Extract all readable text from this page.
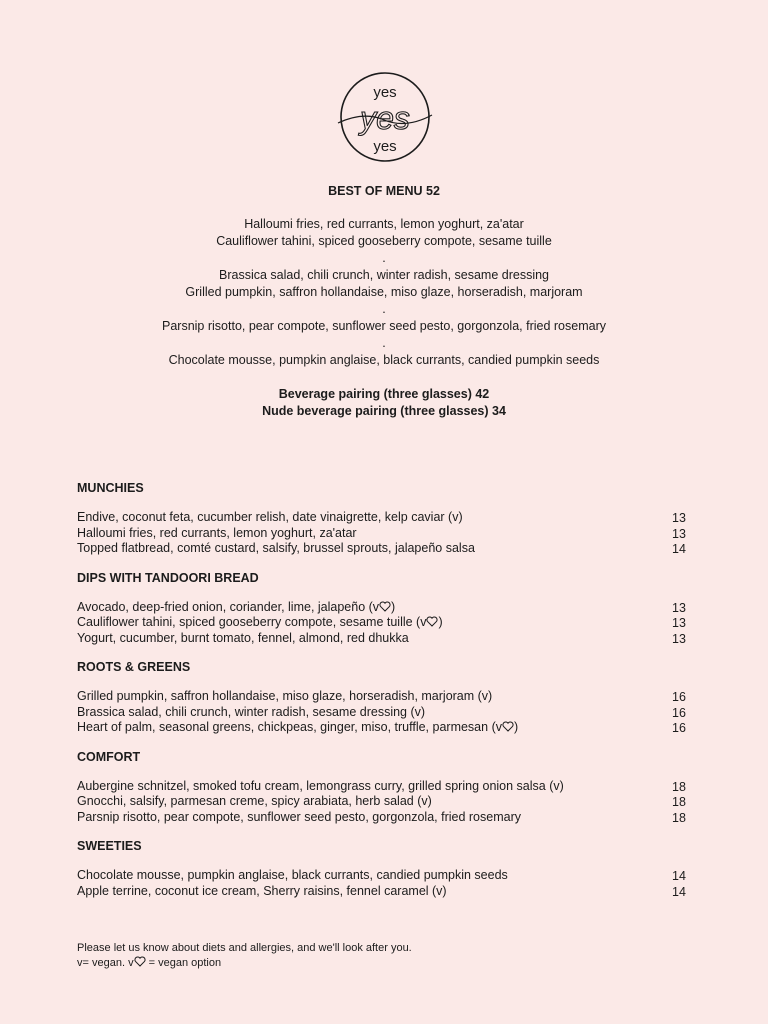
yes
yes
yes
BEST OF MENU 52
Halloumi fries, red currants, lemon yoghurt, za'atar
Cauliflower tahini, spiced gooseberry compote, sesame tuille
.
Brassica salad, chili crunch, winter radish, sesame dressing
Grilled pumpkin, saffron hollandaise, miso glaze, horseradish, marjoram
.
Parsnip risotto, pear compote, sunflower seed pesto, gorgonzola, fried rosemary
.
Chocolate mousse, pumpkin anglaise, black currants, candied pumpkin seeds
Beverage pairing (three glasses) 42
Nude beverage pairing (three glasses) 34
MUNCHIES
Endive, coconut feta, cucumber relish, date vinaigrette, kelp caviar (v)	13
Halloumi fries, red currants, lemon yoghurt, za'atar	13
Topped flatbread, comté custard, salsify, brussel sprouts, jalapeño salsa	14
DIPS WITH TANDOORI BREAD
Avocado, deep-fried onion, coriander, lime, jalapeño (v )	13
Cauliflower tahini, spiced gooseberry compote, sesame tuille (v )	13
Yogurt, cucumber, burnt tomato, fennel, almond, red dhukka	13
ROOTS & GREENS
Grilled pumpkin, saffron hollandaise, miso glaze, horseradish, marjoram (v)	16
Brassica salad, chili crunch, winter radish, sesame dressing (v)	16
Heart of palm, seasonal greens, chickpeas, ginger, miso, truffle, parmesan (v )	16
COMFORT
Aubergine schnitzel, smoked tofu cream, lemongrass curry, grilled spring onion salsa (v)	18
Gnocchi, salsify, parmesan creme, spicy arabiata, herb salad (v)	18
Parsnip risotto, pear compote, sunflower seed pesto, gorgonzola, fried rosemary	18
SWEETIES
Chocolate mousse, pumpkin anglaise, black currants, candied pumpkin seeds	14
Apple terrine, coconut ice cream, Sherry raisins, fennel caramel (v)	14
Please let us know about diets and allergies, and we'll look after you.
v= vegan. v = vegan option
